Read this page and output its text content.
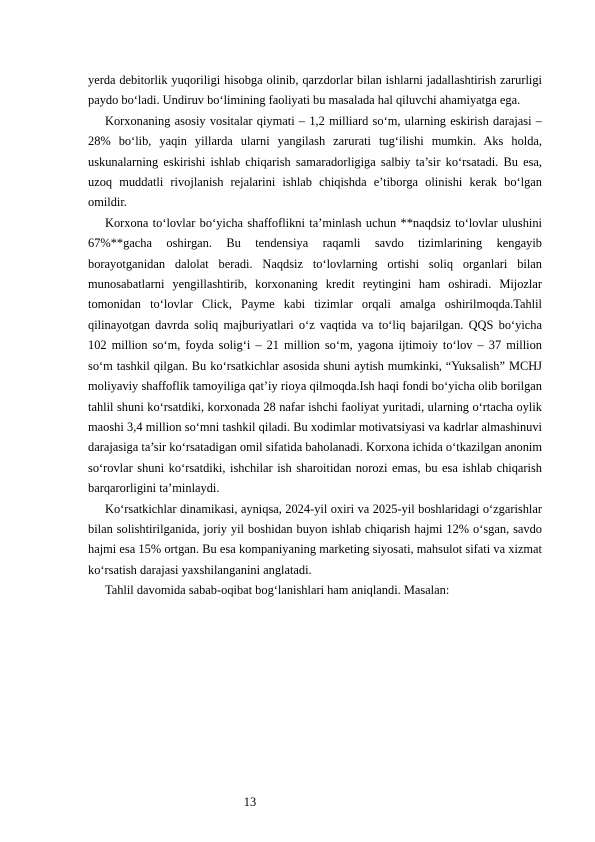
yerda debitorlik yuqoriligi hisobga olinib, qarzdorlar bilan ishlarni jadallashtirish zarurligi paydo bo‘ladi. Undiruv bo‘limining faoliyati bu masalada hal qiluvchi ahamiyatga ega.

Korxonaning asosiy vositalar qiymati – 1,2 milliard so‘m, ularning eskirish darajasi – 28% bo‘lib, yaqin yillarda ularni yangilash zarurati tug‘ilishi mumkin. Aks holda, uskunalarning eskirishi ishlab chiqarish samaradorligiga salbiy ta’sir ko‘rsatadi. Bu esa, uzoq muddatli rivojlanish rejalarini ishlab chiqishda e’tiborga olinishi kerak bo‘lgan omildir.

Korxona to‘lovlar bo‘yicha shaffoflikni ta’minlash uchun **naqdsiz to‘lovlar ulushini 67%**gacha oshirgan. Bu tendensiya raqamli savdo tizimlarining kengayib borayotganidan dalolat beradi. Naqdsiz to‘lovlarning ortishi soliq organlari bilan munosabatlarni yengillashtirib, korxonaning kredit reytingini ham oshiradi. Mijozlar tomonidan to‘lovlar Click, Payme kabi tizimlar orqali amalga oshirilmoqda.Tahlil qilinayotgan davrda soliq majburiyatlari o‘z vaqtida va to‘liq bajarilgan. QQS bo‘yicha 102 million so‘m, foyda solig‘i – 21 million so‘m, yagona ijtimoiy to‘lov – 37 million so‘m tashkil qilgan. Bu ko‘rsatkichlar asosida shuni aytish mumkinki, “Yuksalish” MCHJ moliyaviy shaffoflik tamoyiliga qat’iy rioya qilmoqda.Ish haqi fondi bo‘yicha olib borilgan tahlil shuni ko‘rsatdiki, korxonada 28 nafar ishchi faoliyat yuritadi, ularning o‘rtacha oylik maoshi 3,4 million so‘mni tashkil qiladi. Bu xodimlar motivatsiyasi va kadrlar almashinuvi darajasiga ta’sir ko‘rsatadigan omil sifatida baholanadi. Korxona ichida o‘tkazilgan anonim so‘rovlar shuni ko‘rsatdiki, ishchilar ish sharoitidan norozi emas, bu esa ishlab chiqarish barqarorligini ta’minlaydi.

Ko‘rsatkichlar dinamikasi, ayniqsa, 2024-yil oxiri va 2025-yil boshlaridagi o‘zgarishlar bilan solishtirilganida, joriy yil boshidan buyon ishlab chiqarish hajmi 12% o‘sgan, savdo hajmi esa 15% ortgan. Bu esa kompaniyaning marketing siyosati, mahsulot sifati va xizmat ko‘rsatish darajasi yaxshilanganini anglatadi.

Tahlil davomida sabab-oqibat bog‘lanishlari ham aniqlandi. Masalan:

13
